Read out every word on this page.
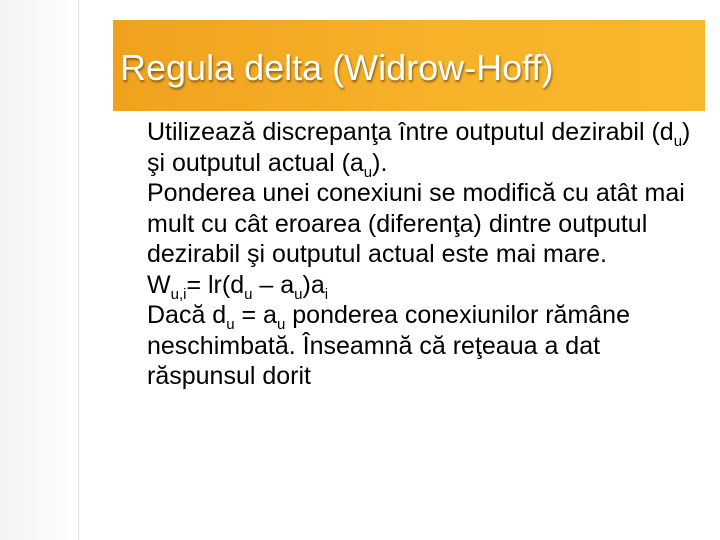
Regula delta (Widrow-Hoff)
Utilizează discrepanţa între outputul dezirabil $(d_u)$ şi outputul actual $(a_u)$.
Ponderea unei conexiuni se modifică cu atât mai mult cu cât eroarea (diferenţa) dintre outputul dezirabil şi outputul actual este mai mare.
$W_{u,i}= lr(d_u - a_u)a_i$
Dacă $d_u = a_u$ ponderea conexiunilor rămâne neschimbată. Înseamnă că reţeaua a dat răspunsul dorit
